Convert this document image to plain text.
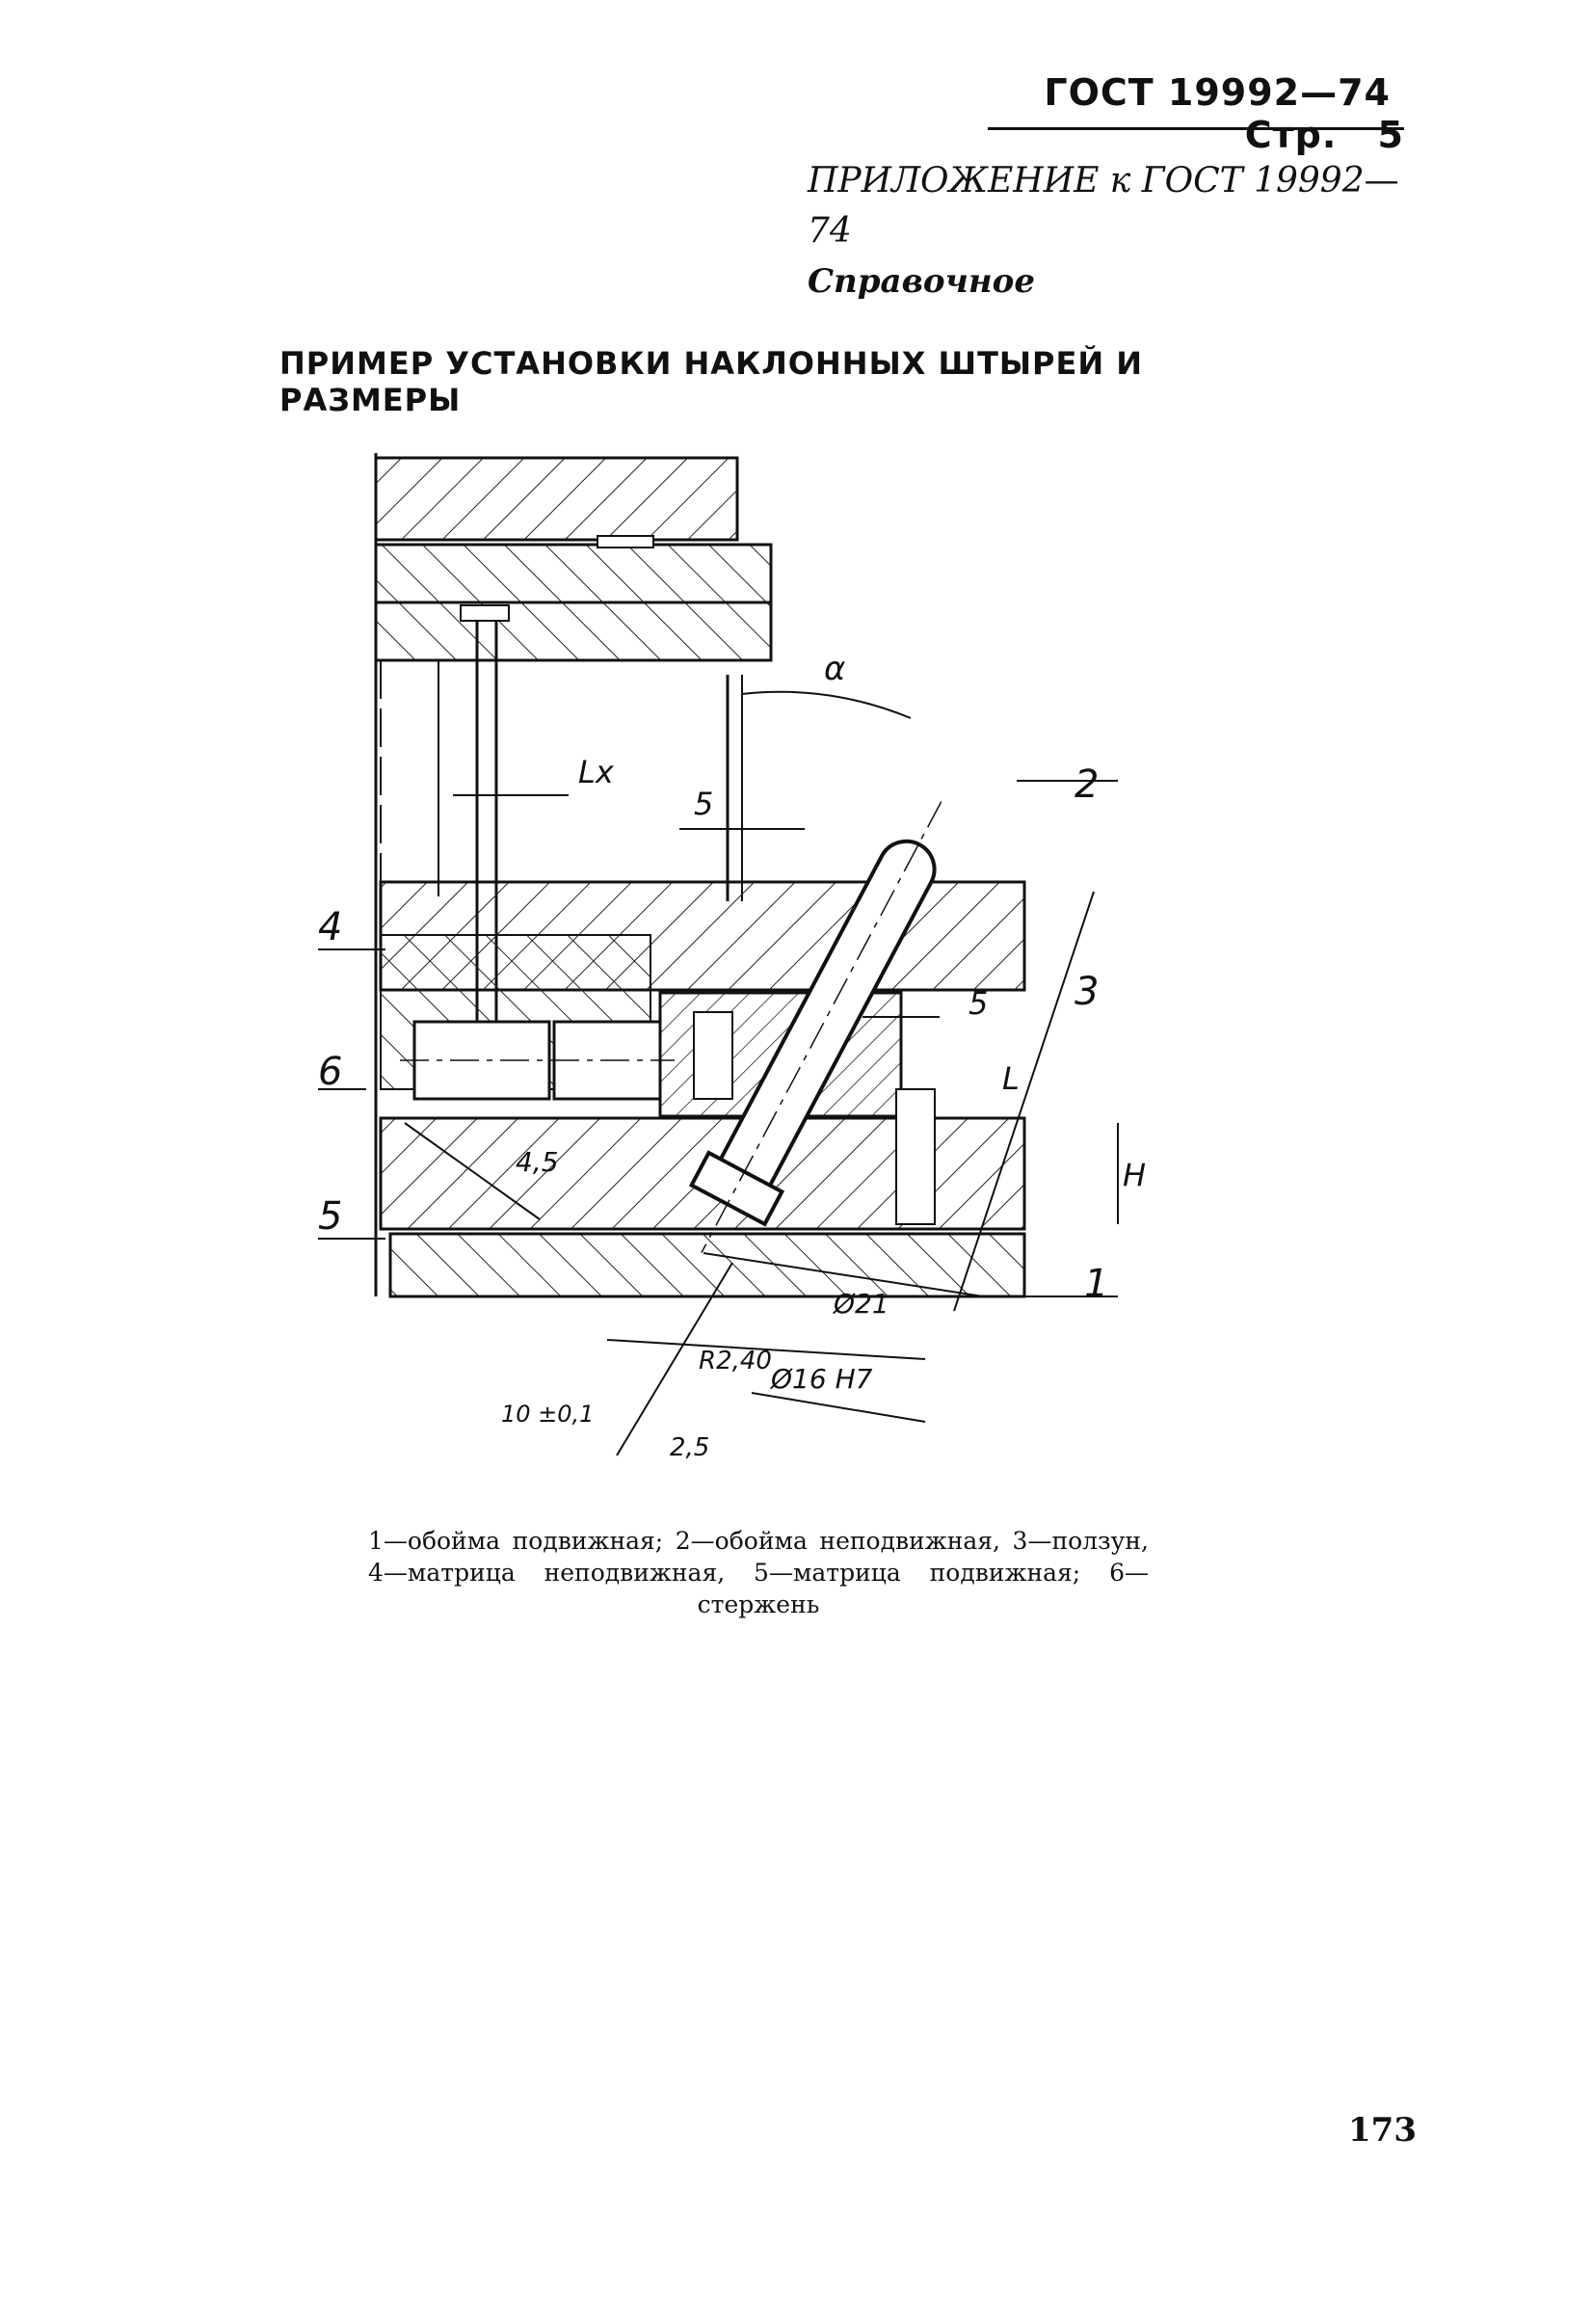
ГОСТ 19992—74 Стр. 5
ПРИЛОЖЕНИЕ к ГОСТ 19992—74
Справочное
ПРИМЕР УСТАНОВКИ НАКЛОННЫХ ШТЫРЕЙ И РАЗМЕРЫ
α
Lx
5
5
2
3
4
6
5
1
L
H
4,5
Ø21
R2,40
Ø16 H7
10 ±0,1
2,5
1—обойма подвижная; 2—обойма неподвижная, 3—ползун, 4—матрица неподвижная, 5—матрица подвижная; 6—стержень
173
